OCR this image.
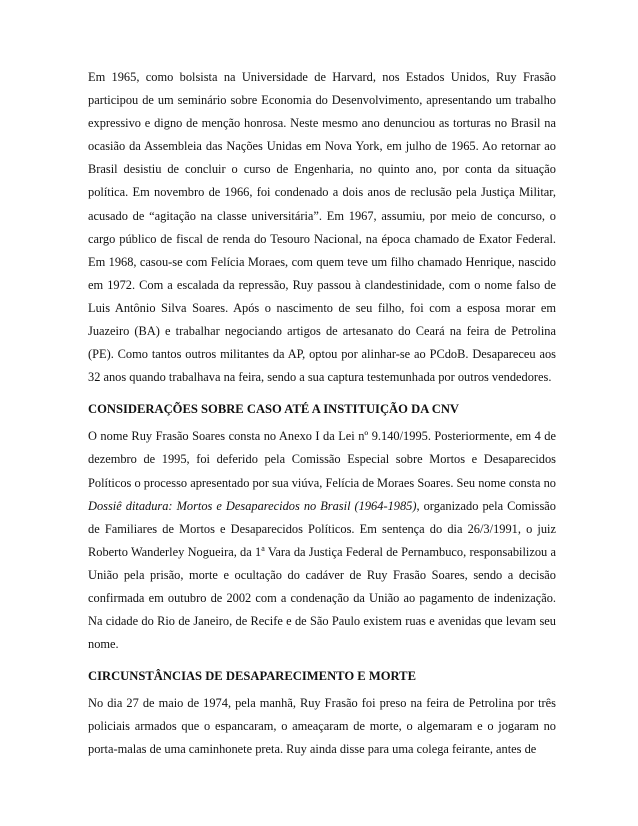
Em 1965, como bolsista na Universidade de Harvard, nos Estados Unidos, Ruy Frasão participou de um seminário sobre Economia do Desenvolvimento, apresentando um trabalho expressivo e digno de menção honrosa. Neste mesmo ano denunciou as torturas no Brasil na ocasião da Assembleia das Nações Unidas em Nova York, em julho de 1965. Ao retornar ao Brasil desistiu de concluir o curso de Engenharia, no quinto ano, por conta da situação política. Em novembro de 1966, foi condenado a dois anos de reclusão pela Justiça Militar, acusado de “agitação na classe universitária”. Em 1967, assumiu, por meio de concurso, o cargo público de fiscal de renda do Tesouro Nacional, na época chamado de Exator Federal. Em 1968, casou-se com Felícia Moraes, com quem teve um filho chamado Henrique, nascido em 1972. Com a escalada da repressão, Ruy passou à clandestinidade, com o nome falso de Luis Antônio Silva Soares. Após o nascimento de seu filho, foi com a esposa morar em Juazeiro (BA) e trabalhar negociando artigos de artesanato do Ceará na feira de Petrolina (PE). Como tantos outros militantes da AP, optou por alinhar-se ao PCdoB. Desapareceu aos 32 anos quando trabalhava na feira, sendo a sua captura testemunhada por outros vendedores.

CONSIDERAÇÕES SOBRE CASO ATÉ A INSTITUIÇÃO DA CNV

O nome Ruy Frasão Soares consta no Anexo I da Lei nº 9.140/1995. Posteriormente, em 4 de dezembro de 1995, foi deferido pela Comissão Especial sobre Mortos e Desaparecidos Políticos o processo apresentado por sua viúva, Felícia de Moraes Soares. Seu nome consta no Dossiê ditadura: Mortos e Desaparecidos no Brasil (1964-1985), organizado pela Comissão de Familiares de Mortos e Desaparecidos Políticos. Em sentença do dia 26/3/1991, o juiz Roberto Wanderley Nogueira, da 1$^a$ Vara da Justiça Federal de Pernambuco, responsabilizou a União pela prisão, morte e ocultação do cadáver de Ruy Frasão Soares, sendo a decisão confirmada em outubro de 2002 com a condenação da União ao pagamento de indenização. Na cidade do Rio de Janeiro, de Recife e de São Paulo existem ruas e avenidas que levam seu nome.

CIRCUNSTÂNCIAS DE DESAPARECIMENTO E MORTE

No dia 27 de maio de 1974, pela manhã, Ruy Frasão foi preso na feira de Petrolina por três policiais armados que o espancaram, o ameaçaram de morte, o algemaram e o jogaram no porta-malas de uma caminhonete preta. Ruy ainda disse para uma colega feirante, antes de
